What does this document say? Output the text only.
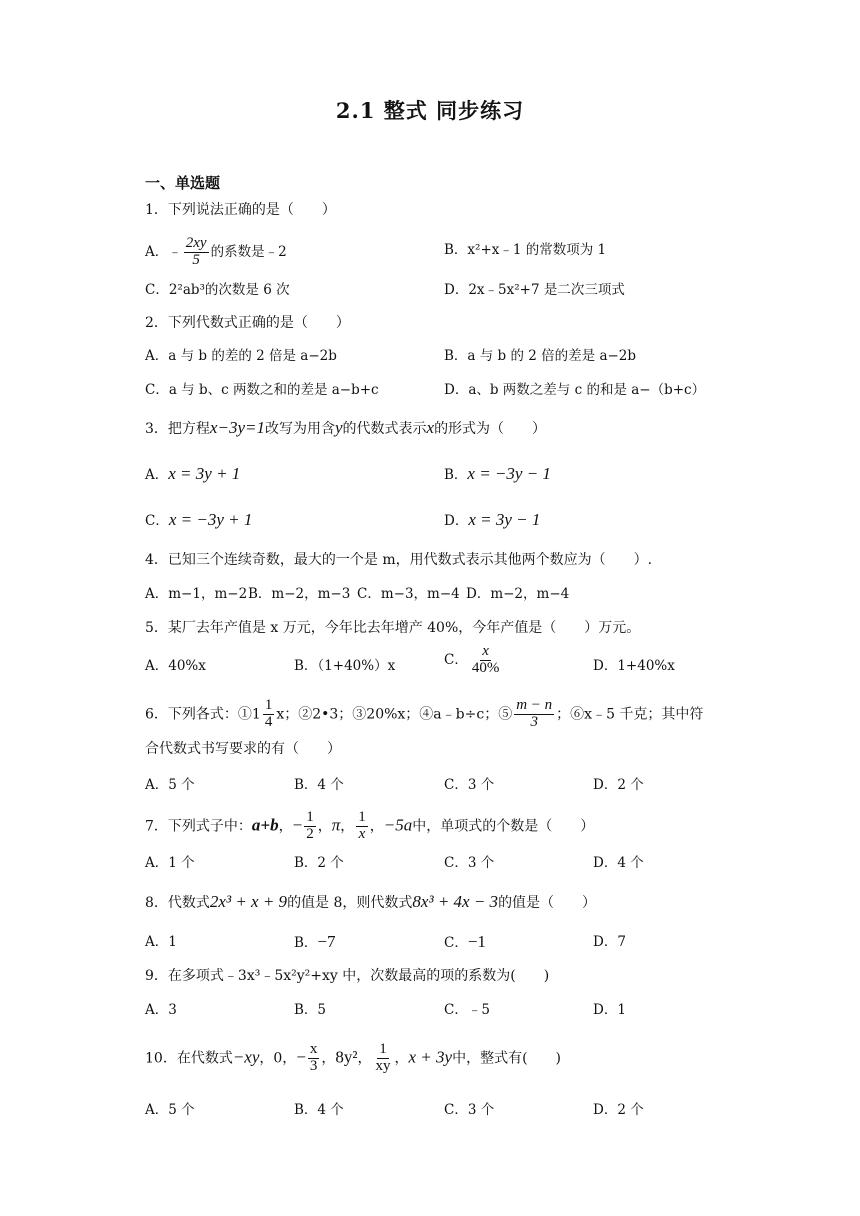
2.1 整式 同步练习
一、单选题
1．下列说法正确的是（　　）
A．﹣ $\frac{2xy}{5}$ 的系数是﹣2	B．x²+x﹣1 的常数项为 1
C．2²ab³的次数是 6 次	D．2x﹣5x²+7 是二次三项式
2．下列代数式正确的是（　　）
A．a 与 b 的差的 2 倍是 a−2b	B．a 与 b 的 2 倍的差是 a−2b
C．a 与 b、c 两数之和的差是 a−b+c	D．a、b 两数之差与 c 的和是 a−（b+c）
3．把方程x−3y=1改写为用含y的代数式表示x的形式为（　　）
A．x = 3y + 1	B．x = −3y − 1
C．x = −3y + 1	D．x = 3y − 1
4．已知三个连续奇数，最大的一个是 m，用代数式表示其他两个数应为（　　）.
A．m−1，m−2 B．m−2，m−3 C．m−3，m−4 D．m−2，m−4
5．某厂去年产值是 x 万元，今年比去年增产 40%，今年产值是（　　）万元。
A．40%x	B．（1+40%）x	C． $\frac{x}{40\%}$	D．1+40%x
6．下列各式：①1 $\frac{1}{4}$ x；②2•3；③20%x；④a﹣b÷c；⑤ $\frac{m - n}{3}$ ；⑥x﹣5 千克；其中符
合代数式书写要求的有（　　）
A．5 个	B．4 个	C．3 个	D．2 个
7．下列式子中：a+b，− $\frac{1}{2}$ ，π， $\frac{1}{x}$ ，−5a中，单项式的个数是（　　）
A．1 个	B．2 个	C．3 个	D．4 个
8．代数式2x³ + x + 9的值是 8，则代数式8x³ + 4x − 3的值是（　　）
A．1	B．−7	C．−1	D．7
9．在多项式﹣3x³﹣5x²y²+xy 中，次数最高的项的系数为(　　)
A．3	B．5	C．﹣5	D．1
10．在代数式−xy，0，− $\frac{x}{3}$ ，8y²， $\frac{1}{xy}$ ，x + 3y中，整式有(　　)
A．5 个	B．4 个	C．3 个	D．2 个
